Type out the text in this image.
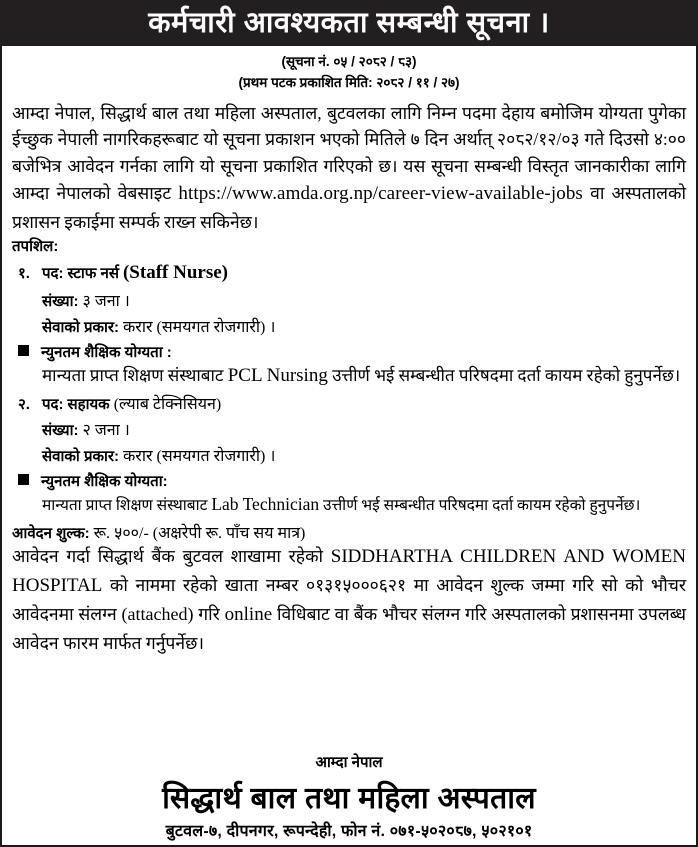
कर्मचारी आवश्यकता सम्बन्धी सूचना ।
(सूचना नं. ०५ / २०८२ / ८३)
(प्रथम पटक प्रकाशित मिति: २०८२ / ११ / २७)
आम्दा नेपाल, सिद्धार्थ बाल तथा महिला अस्पताल, बुटवलका लागि निम्न पदमा देहाय बमोजिम योग्यता पुगेका ईच्छुक नेपाली नागरिकहरूबाट यो सूचना प्रकाशन भएको मितिले ७ दिन अर्थात् २०८२/१२/०३ गते दिउसो ४:०० बजेभित्र आवेदन गर्नका लागि यो सूचना प्रकाशित गरिएको छ। यस सूचना सम्बन्धी विस्तृत जानकारीका लागि आम्दा नेपालको वेबसाइट https://www.amda.org.np/career-view-available-jobs वा अस्पतालको प्रशासन इकाईमा सम्पर्क राख्न सकिनेछ।
तपशिल:
१. पद: स्टाफ नर्स (Staff Nurse)
संख्या:
३ जना ।
सेवाको प्रकार:
करार (समयगत रोजगारी) ।
न्युनतम शैक्षिक योग्यता :
मान्यता प्राप्त शिक्षण संस्थाबाट PCL Nursing उत्तीर्ण भई सम्बन्धीत परिषदमा दर्ता कायम रहेको हुनुपर्नेछ।
२. पद: सहायक (ल्याब टेक्निसियन)
संख्या:
२ जना ।
सेवाको प्रकार:
करार (समयगत रोजगारी) ।
न्युनतम शैक्षिक योग्यता:
मान्यता प्राप्त शिक्षण संस्थाबाट Lab Technician उत्तीर्ण भई सम्बन्धीत परिषदमा दर्ता कायम रहेको हुनुपर्नेछ।
आवेदन शुल्क: रू. ५००/- (अक्षरेपी रू. पाँच सय मात्र)
आवेदन गर्दा सिद्धार्थ बैंक बुटवल शाखामा रहेको SIDDHARTHA CHILDREN AND WOMEN HOSPITAL को नाममा रहेको खाता नम्बर ०१३१५०००६२१ मा आवेदन शुल्क जम्मा गरि सो को भौचर आवेदनमा संलग्न (attached) गरि online विधिबाट वा बैंक भौचर संलग्न गरि अस्पतालको प्रशासनमा उपलब्ध आवेदन फारम मार्फत गर्नुपर्नेछ।
आम्दा नेपाल
सिद्धार्थ बाल तथा महिला अस्पताल
बुटवल-७, दीपनगर, रूपन्देही, फोन नं. ०७१-५०२०८७, ५०२१०१
